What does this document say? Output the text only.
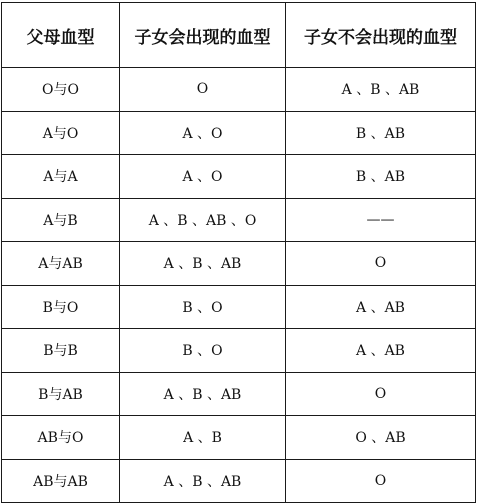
父母血型	子女会出现的血型	子女不会出现的血型
O与O	O	A 、B 、AB
A与O	A 、O	B 、AB
A与A	A 、O	B 、AB
A与B	A 、B 、AB 、O	——
A与AB	A 、B 、AB	O
B与O	B 、O	A 、AB
B与B	B 、O	A 、AB
B与AB	A 、B 、AB	O
AB与O	A 、B	O 、AB
AB与AB	A 、B 、AB	O
